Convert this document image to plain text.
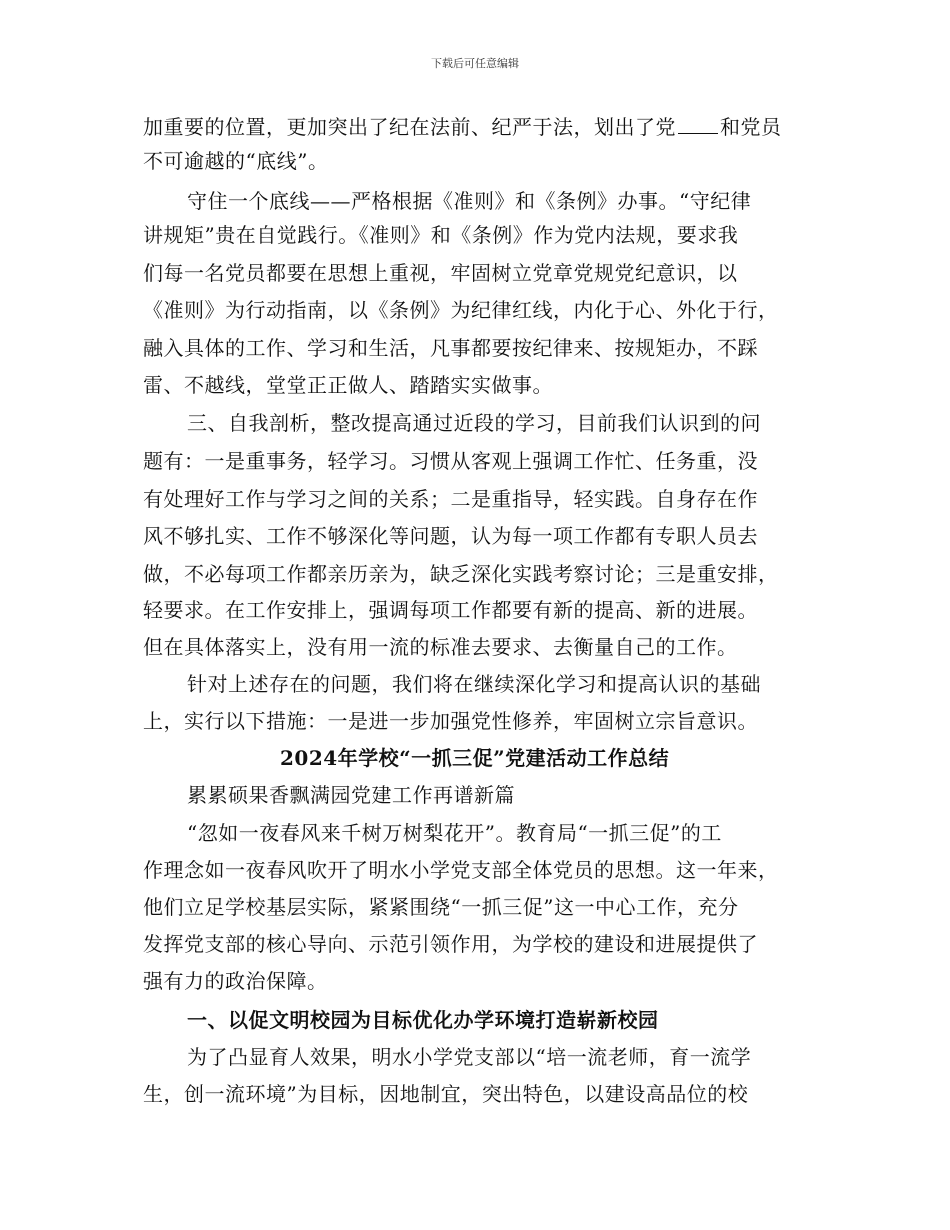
下载后可任意编辑
加重要的位置，更加突出了纪在法前、纪严于法，划出了党 和党员
不可逾越的“底线”。
守住一个底线——严格根据《准则》和《条例》办事。“守纪律
讲规矩”贵在自觉践行。《准则》和《条例》作为党内法规，要求我
们每一名党员都要在思想上重视，牢固树立党章党规党纪意识，以
《准则》为行动指南，以《条例》为纪律红线，内化于心、外化于行，
融入具体的工作、学习和生活，凡事都要按纪律来、按规矩办，不踩
雷、不越线，堂堂正正做人、踏踏实实做事。
三、自我剖析，整改提高通过近段的学习，目前我们认识到的问
题有：一是重事务，轻学习。习惯从客观上强调工作忙、任务重，没
有处理好工作与学习之间的关系；二是重指导，轻实践。自身存在作
风不够扎实、工作不够深化等问题，认为每一项工作都有专职人员去
做，不必每项工作都亲历亲为，缺乏深化实践考察讨论；三是重安排，
轻要求。在工作安排上，强调每项工作都要有新的提高、新的进展。
但在具体落实上，没有用一流的标准去要求、去衡量自己的工作。
针对上述存在的问题，我们将在继续深化学习和提高认识的基础
上，实行以下措施：一是进一步加强党性修养，牢固树立宗旨意识。
2024年学校“一抓三促”党建活动工作总结
累累硕果香飘满园党建工作再谱新篇
“忽如一夜春风来千树万树梨花开”。教育局“一抓三促”的工
作理念如一夜春风吹开了明水小学党支部全体党员的思想。这一年来，
他们立足学校基层实际，紧紧围绕“一抓三促”这一中心工作，充分
发挥党支部的核心导向、示范引领作用，为学校的建设和进展提供了
强有力的政治保障。
一、以促文明校园为目标优化办学环境打造崭新校园
为了凸显育人效果，明水小学党支部以“培一流老师，育一流学
生，创一流环境”为目标，因地制宜，突出特色，以建设高品位的校
